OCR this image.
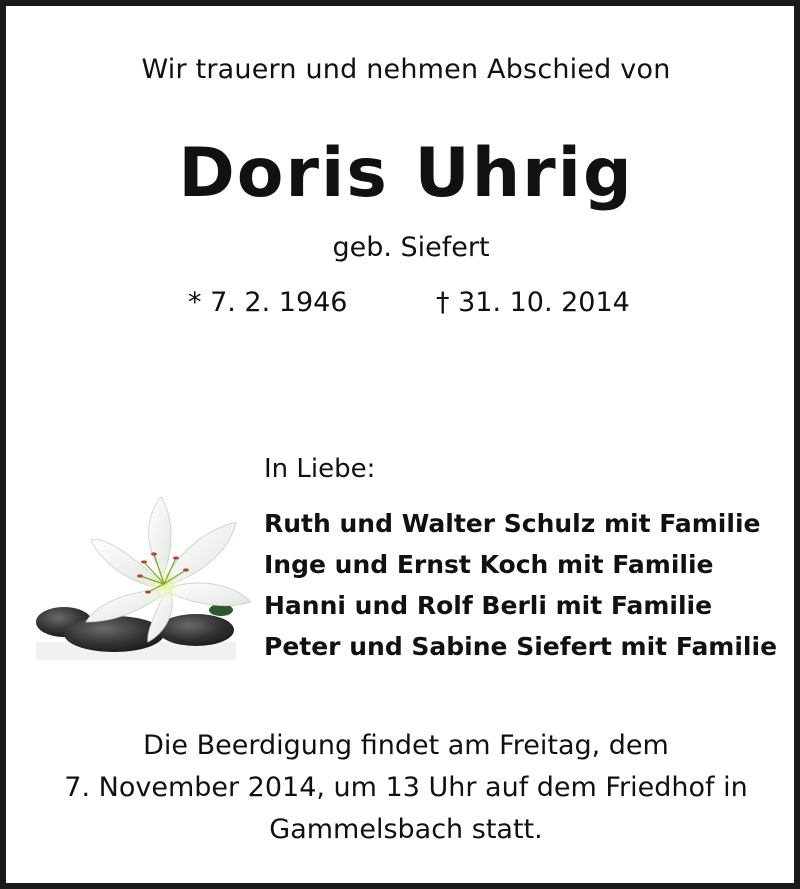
Wir trauern und nehmen Abschied von
Doris Uhrig
geb. Siefert
* 7. 2. 1946	† 31. 10. 2014
In Liebe:
Ruth und Walter Schulz mit Familie
Inge und Ernst Koch mit Familie
Hanni und Rolf Berli mit Familie
Peter und Sabine Siefert mit Familie
Die Beerdigung findet am Freitag, dem
7. November 2014, um 13 Uhr auf dem Friedhof in
Gammelsbach statt.
